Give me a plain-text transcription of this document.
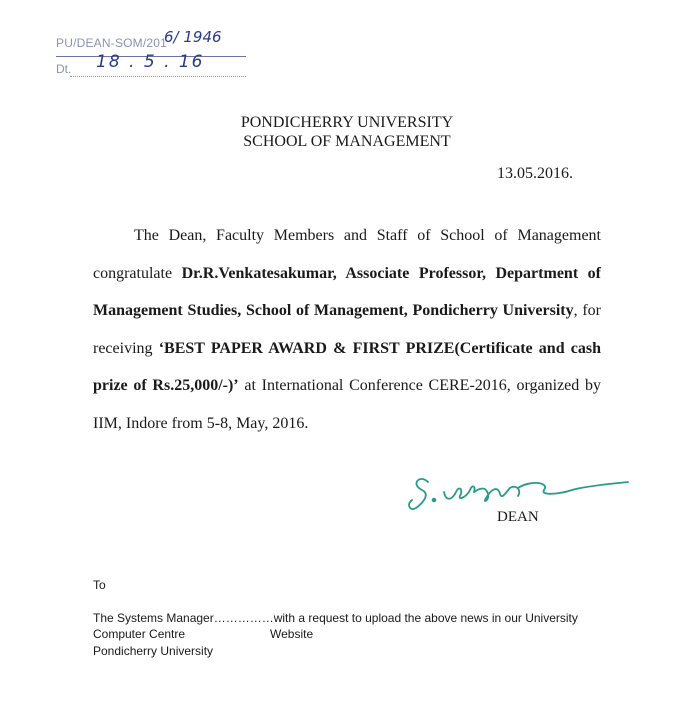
PU/DEAN-SOM/201
6/ 1946
Dt. 18 . 5 . 16
PONDICHERRY UNIVERSITY
SCHOOL OF MANAGEMENT
13.05.2016.
The Dean, Faculty Members and Staff of School of Management congratulate Dr.R.Venkatesakumar, Associate Professor, Department of Management Studies, School of Management, Pondicherry University, for receiving ‘BEST PAPER AWARD & FIRST PRIZE(Certificate and cash prize of Rs.25,000/-)’ at International Conference CERE-2016, organized by IIM, Indore from 5-8, May, 2016.
DEAN
To
The Systems Manager……………with a request to upload the above news in our University
Computer Centre	Website
Pondicherry University
